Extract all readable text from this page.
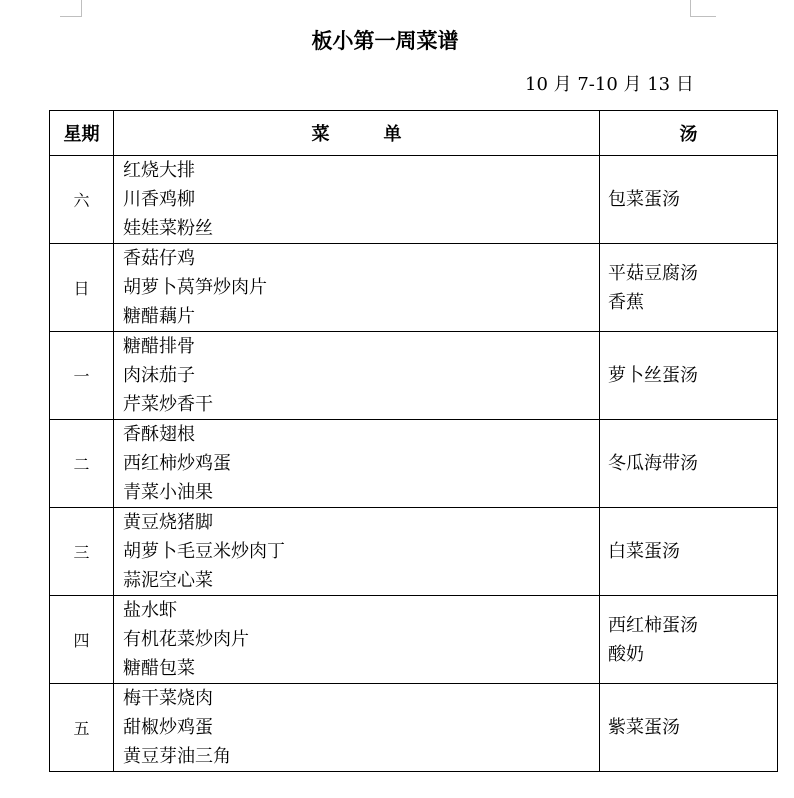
板小第一周菜谱
10 月 7-10 月 13 日
星期	菜单	汤
六	红烧大排
川香鸡柳
娃娃菜粉丝	包菜蛋汤

日	香菇仔鸡
胡萝卜莴笋炒肉片
糖醋藕片	平菇豆腐汤
香蕉

一	糖醋排骨
肉沫茄子
芹菜炒香干	萝卜丝蛋汤

二	香酥翅根
西红柿炒鸡蛋
青菜小油果	冬瓜海带汤

三	黄豆烧猪脚
胡萝卜毛豆米炒肉丁
蒜泥空心菜	白菜蛋汤

四	盐水虾
有机花菜炒肉片
糖醋包菜	西红柿蛋汤
酸奶

五	梅干菜烧肉
甜椒炒鸡蛋
黄豆芽油三角	紫菜蛋汤
